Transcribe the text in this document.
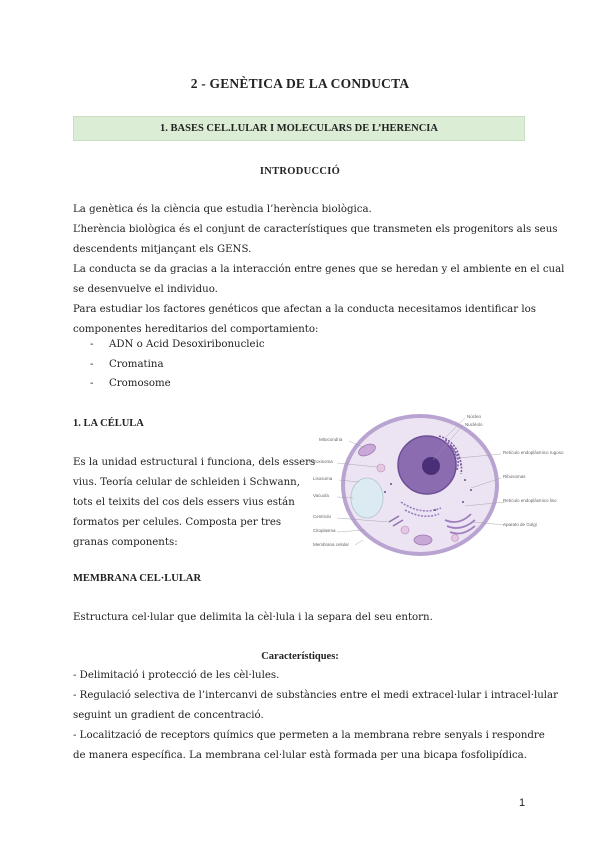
2 - GENÈTICA DE LA CONDUCTA
1. BASES CEL.LULAR I MOLECULARS DE L’HERENCIA
INTRODUCCIÓ
La genètica és la ciència que estudia l’herència biològica.
L’herència biològica és el conjunt de característiques que transmeten els progenitors als seus
descendents mitjançant els GENS.
La conducta se da gracias a la interacción entre genes que se heredan y el ambiente en el cual
se desenvuelve el individuo.
Para estudiar los factores genéticos que afectan a la conducta necesitamos identificar los
componentes hereditarios del comportamiento:
- ADN o Acid Desoxiribonucleic
- Cromatina
- Cromosome
1. LA CÉLULA
Es la unidad estructural i funciona, dels essers
vius. Teoría celular de schleiden i Schwann,
tots el teixits del cos dels essers vius están
formatos per celules. Composta per tres
granas components:
Mitocondria
Peroxisoma
Lisosoma
Vacuola
Centriolo
Citoplasma
Membrana celular
Núcleo
Nucléolo
Retículo endoplásmico rugoso
Ribosomas
Retículo endoplásmico liso
Aparato de Golgi
MEMBRANA CEL·LULAR
Estructura cel·lular que delimita la cèl·lula i la separa del seu entorn.
Característiques:
- Delimitació i protecció de les cèl·lules.
- Regulació selectiva de l’intercanvi de substàncies entre el medi extracel·lular i intracel·lular
seguint un gradient de concentració.
- Localització de receptors químics que permeten a la membrana rebre senyals i respondre
de manera específica. La membrana cel·lular està formada per una bicapa fosfolipídica.
1
